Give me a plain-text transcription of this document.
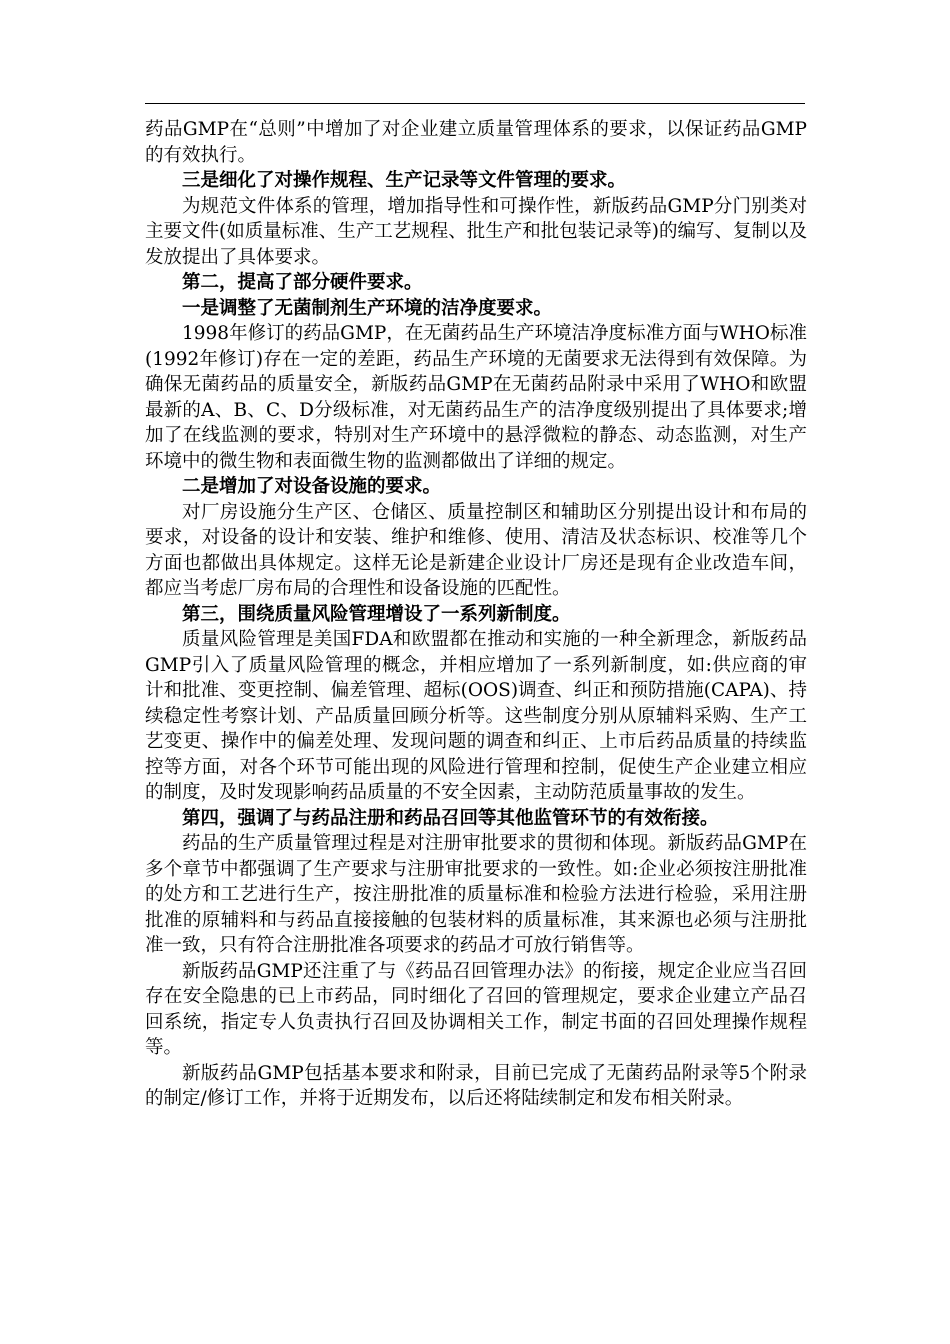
药品GMP在“总则”中增加了对企业建立质量管理体系的要求，以保证药品GMP的有效执行。

三是细化了对操作规程、生产记录等文件管理的要求。

为规范文件体系的管理，增加指导性和可操作性，新版药品GMP分门别类对主要文件(如质量标准、生产工艺规程、批生产和批包装记录等)的编写、复制以及发放提出了具体要求。

第二，提高了部分硬件要求。

一是调整了无菌制剂生产环境的洁净度要求。

1998年修订的药品GMP，在无菌药品生产环境洁净度标准方面与WHO标准(1992年修订)存在一定的差距，药品生产环境的无菌要求无法得到有效保障。为确保无菌药品的质量安全，新版药品GMP在无菌药品附录中采用了WHO和欧盟最新的A、B、C、D分级标准，对无菌药品生产的洁净度级别提出了具体要求;增加了在线监测的要求，特别对生产环境中的悬浮微粒的静态、动态监测，对生产环境中的微生物和表面微生物的监测都做出了详细的规定。

二是增加了对设备设施的要求。

对厂房设施分生产区、仓储区、质量控制区和辅助区分别提出设计和布局的要求，对设备的设计和安装、维护和维修、使用、清洁及状态标识、校准等几个方面也都做出具体规定。这样无论是新建企业设计厂房还是现有企业改造车间，都应当考虑厂房布局的合理性和设备设施的匹配性。

第三，围绕质量风险管理增设了一系列新制度。

质量风险管理是美国FDA和欧盟都在推动和实施的一种全新理念，新版药品GMP引入了质量风险管理的概念，并相应增加了一系列新制度，如:供应商的审计和批准、变更控制、偏差管理、超标(OOS)调查、纠正和预防措施(CAPA)、持续稳定性考察计划、产品质量回顾分析等。这些制度分别从原辅料采购、生产工艺变更、操作中的偏差处理、发现问题的调查和纠正、上市后药品质量的持续监控等方面，对各个环节可能出现的风险进行管理和控制，促使生产企业建立相应的制度，及时发现影响药品质量的不安全因素，主动防范质量事故的发生。

第四，强调了与药品注册和药品召回等其他监管环节的有效衔接。

药品的生产质量管理过程是对注册审批要求的贯彻和体现。新版药品GMP在多个章节中都强调了生产要求与注册审批要求的一致性。如:企业必须按注册批准的处方和工艺进行生产，按注册批准的质量标准和检验方法进行检验，采用注册批准的原辅料和与药品直接接触的包装材料的质量标准，其来源也必须与注册批准一致，只有符合注册批准各项要求的药品才可放行销售等。

新版药品GMP还注重了与《药品召回管理办法》的衔接，规定企业应当召回存在安全隐患的已上市药品，同时细化了召回的管理规定，要求企业建立产品召回系统，指定专人负责执行召回及协调相关工作，制定书面的召回处理操作规程等。

新版药品GMP包括基本要求和附录，目前已完成了无菌药品附录等5个附录的制定/修订工作，并将于近期发布，以后还将陆续制定和发布相关附录。
